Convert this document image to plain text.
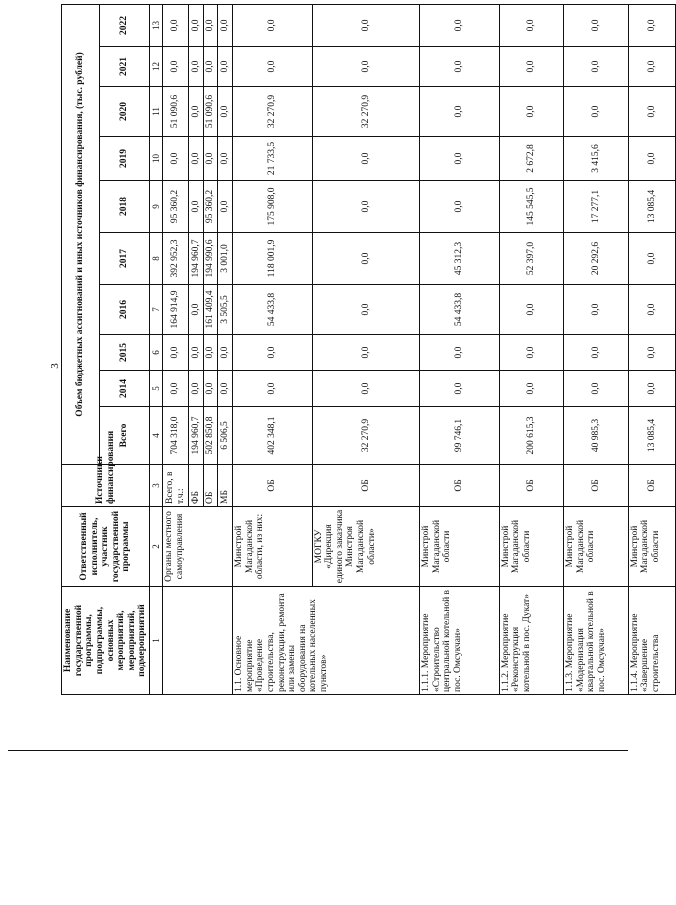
3
Наименование государственной программы, подпрограммы, основных мероприятий, мероприятий, подмероприятий	Ответственный исполнитель, участник государственной программы	Источники финансирования	Объем бюджетных ассигнований и иных источников финансирования, (тыс. рублей)									
			Всего	2014	2015	2016	2017	2018	2019	2020	2021	2022
1	2	3	4	5	6	7	8	9	10	11	12	13
	Органы местного самоуправления	Всего, в т.ч.:	704 318,0	0,0	0,0	164 914,9	392 952,3	95 360,2	0,0	51 090,6	0,0	0,0
		ФБ	194 960,7	0,0	0,0	0,0	194 960,7	0,0	0,0	0,0	0,0	0,0
		ОБ	502 850,8	0,0	0,0	161 409,4	194 990,6	95 360,2	0,0	51 090,6	0,0	0,0
		МБ	6 506,5	0,0	0,0	3 505,5	3 001,0	0,0	0,0	0,0	0,0	0,0
1.1. Основное мероприятие «Проведение строительства, реконструкции, ремонта или замены оборудования на котельных населенных пунктов»	Минстрой Магаданской области, из них:	ОБ	402 348,1	0,0	0,0	54 433,8	118 001,9	175 908,0	21 733,5	32 270,9	0,0	0,0
	МОГКУ «Дирекция единого заказчика Минстроя Магаданской области»	ОБ	32 270,9	0,0	0,0	0,0	0,0	0,0	0,0	32 270,9	0,0	0,0
1.1.1. Мероприятие «Строительство центральной котельной в пос. Омсукчан»	Минстрой Магаданской области	ОБ	99 746,1	0,0	0,0	54 433,8	45 312,3	0,0	0,0	0,0	0,0	0,0
1.1.2. Мероприятие «Реконструкция котельной в пос. Дукат»	Минстрой Магаданской области	ОБ	200 615,3	0,0	0,0	0,0	52 397,0	145 545,5	2 672,8	0,0	0,0	0,0
1.1.3. Мероприятие «Модернизация квартальной котельной в пос. Омсукчан»	Минстрой Магаданской области	ОБ	40 985,3	0,0	0,0	0,0	20 292,6	17 277,1	3 415,6	0,0	0,0	0,0
1.1.4. Мероприятие «Завершение строительства	Минстрой Магаданской области	ОБ	13 085,4	0,0	0,0	0,0	0,0	13 085,4	0,0	0,0	0,0	0,0
